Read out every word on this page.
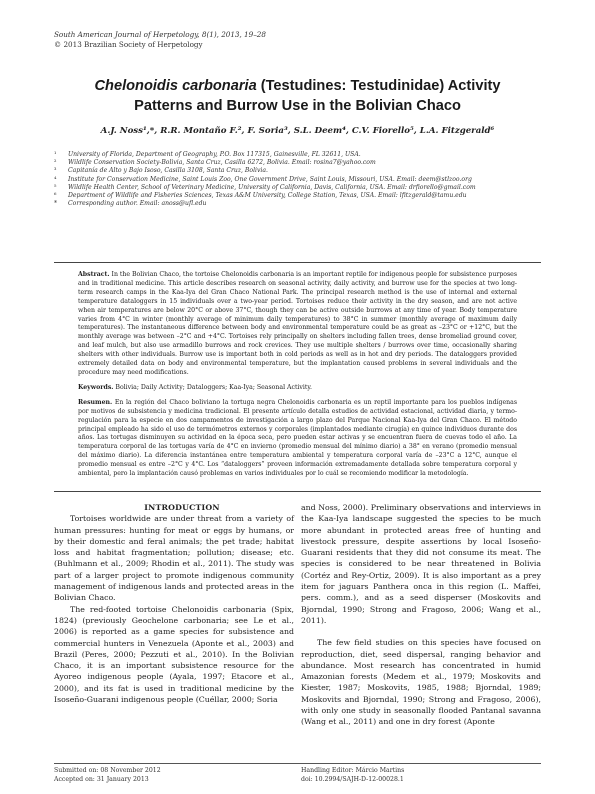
South American Journal of Herpetology, 8(1), 2013, 19–28
© 2013 Brazilian Society of Herpetology
Chelonoidis carbonaria (Testudines: Testudinidae) Activity
Patterns and Burrow Use in the Bolivian Chaco
A.J. Noss¹,*, R.R. Montaño F.², F. Soria³, S.L. Deem⁴, C.V. Fiorello⁵, L.A. Fitzgerald⁶
¹	University of Florida, Department of Geography, P.O. Box 117315, Gainesville, FL 32611, USA.
²	Wildlife Conservation Society-Bolivia, Santa Cruz, Casilla 6272, Bolivia. Email: rosina7@yahoo.com
³	Capitanía de Alto y Bajo Isoso, Casilla 3108, Santa Cruz, Bolivia.
⁴	Institute for Conservation Medicine, Saint Louis Zoo, One Government Drive, Saint Louis, Missouri, USA. Email: deem@stlzoo.org
⁵	Wildlife Health Center, School of Veterinary Medicine, University of California, Davis, California, USA. Email: drfiorello@gmail.com
⁶	Department of Wildlife and Fisheries Sciences, Texas A&M University, College Station, Texas, USA. Email: lfitzgerald@tamu.edu
*	Corresponding author. Email: anoss@ufl.edu

Abstract. In the Bolivian Chaco, the tortoise Chelonoidis carbonaria is an important reptile for indigenous people for subsistence purposes and in traditional medicine. This article describes research on seasonal activity, daily activity, and burrow use for the species at two long-term research camps in the Kaa-Iya del Gran Chaco National Park. The principal research method is the use of internal and external temperature dataloggers in 15 individuals over a two-year period. Tortoises reduce their activity in the dry season, and are not active when air temperatures are below 20°C or above 37°C, though they can be active outside burrows at any time of year. Body temperature varies from 4°C in winter (monthly average of minimum daily temperatures) to 38°C in summer (monthly average of maximum daily temperatures). The instantaneous difference between body and environmental temperature could be as great as –23°C or +12°C, but the monthly average was between –2°C and +4°C. Tortoises rely principally on shelters including fallen trees, dense bromeliad ground cover, and leaf mulch, but also use armadillo burrows and rock crevices. They use multiple shelters / burrows over time, occasionally sharing shelters with other individuals. Burrow use is important both in cold periods as well as in hot and dry periods. The dataloggers provided extremely detailed data on body and environmental temperature, but the implantation caused problems in several individuals and the procedure may need modifications.

Keywords. Bolivia; Daily Activity; Dataloggers; Kaa-Iya; Seasonal Activity.

Resumen. En la región del Chaco boliviano la tortuga negra Chelonoidis carbonaria es un reptil importante para los pueblos indígenas por motivos de subsistencia y medicina tradicional. El presente artículo detalla estudios de actividad estacional, actividad diaria, y termo-regulación para la especie en dos campamentos de investigación a largo plazo del Parque Nacional Kaa-Iya del Gran Chaco. El método principal empleado ha sido el uso de termómetros externos y corporales (implantados mediante cirugía) en quince individuos durante dos años. Las tortugas disminuyen su actividad en la época seca, pero pueden estar activas y se encuentran fuera de cuevas todo el año. La temperatura corporal de las tortugas varía de 4°C en invierno (promedio mensual del mínimo diario) a 38° en verano (promedio mensual del máximo diario). La diferencia instantánea entre temperatura ambiental y temperatura corporal varía de –23°C a 12°C, aunque el promedio mensual es entre –2°C y 4°C. Los “dataloggers” proveen información extremadamente detallada sobre temperatura corporal y ambiental, pero la implantación causó problemas en varios individuales por lo cuál se recomiendo modificar la metodología.

INTRODUCTION

Tortoises worldwide are under threat from a variety of human pressures: hunting for meat or eggs by humans, or by their domestic and feral animals; the pet trade; habitat loss and habitat fragmentation; pollution; disease; etc. (Buhlmann et al., 2009; Rhodin et al., 2011). The study was part of a larger project to promote indigenous community management of indigenous lands and protected areas in the Bolivian Chaco.

The red-footed tortoise Chelonoidis carbonaria (Spix, 1824) (previously Geochelone carbonaria; see Le et al., 2006) is reported as a game species for subsistence and commercial hunters in Venezuela (Aponte et al., 2003) and Brazil (Peres, 2000; Pezzuti et al., 2010). In the Bolivian Chaco, it is an important subsistence resource for the Ayoreo indigenous people (Ayala, 1997; Etacore et al., 2000), and its fat is used in traditional medicine by the Isoseño-Guarani indigenous people (Cuéllar, 2000; Soria

and Noss, 2000). Preliminary observations and interviews in the Kaa-Iya landscape suggested the species to be much more abundant in protected areas free of hunting and livestock pressure, despite assertions by local Isoseño-Guarani residents that they did not consume its meat. The species is considered to be near threatened in Bolivia (Cortéz and Rey-Ortiz, 2009). It is also important as a prey item for jaguars Panthera onca in this region (L. Maffei, pers. comm.), and as a seed disperser (Moskovits and Bjorndal, 1990; Strong and Fragoso, 2006; Wang et al., 2011).

The few field studies on this species have focused on reproduction, diet, seed dispersal, ranging behavior and abundance. Most research has concentrated in humid Amazonian forests (Medem et al., 1979; Moskovits and Kiester, 1987; Moskovits, 1985, 1988; Bjorndal, 1989; Moskovits and Bjorndal, 1990; Strong and Fragoso, 2006), with only one study in seasonally flooded Pantanal savanna (Wang et al., 2011) and one in dry forest (Aponte

Submitted on: 08 November 2012
Accepted on: 31 January 2013
Handling Editor: Márcio Martins
doi: 10.2994/SAJH-D-12-00028.1
